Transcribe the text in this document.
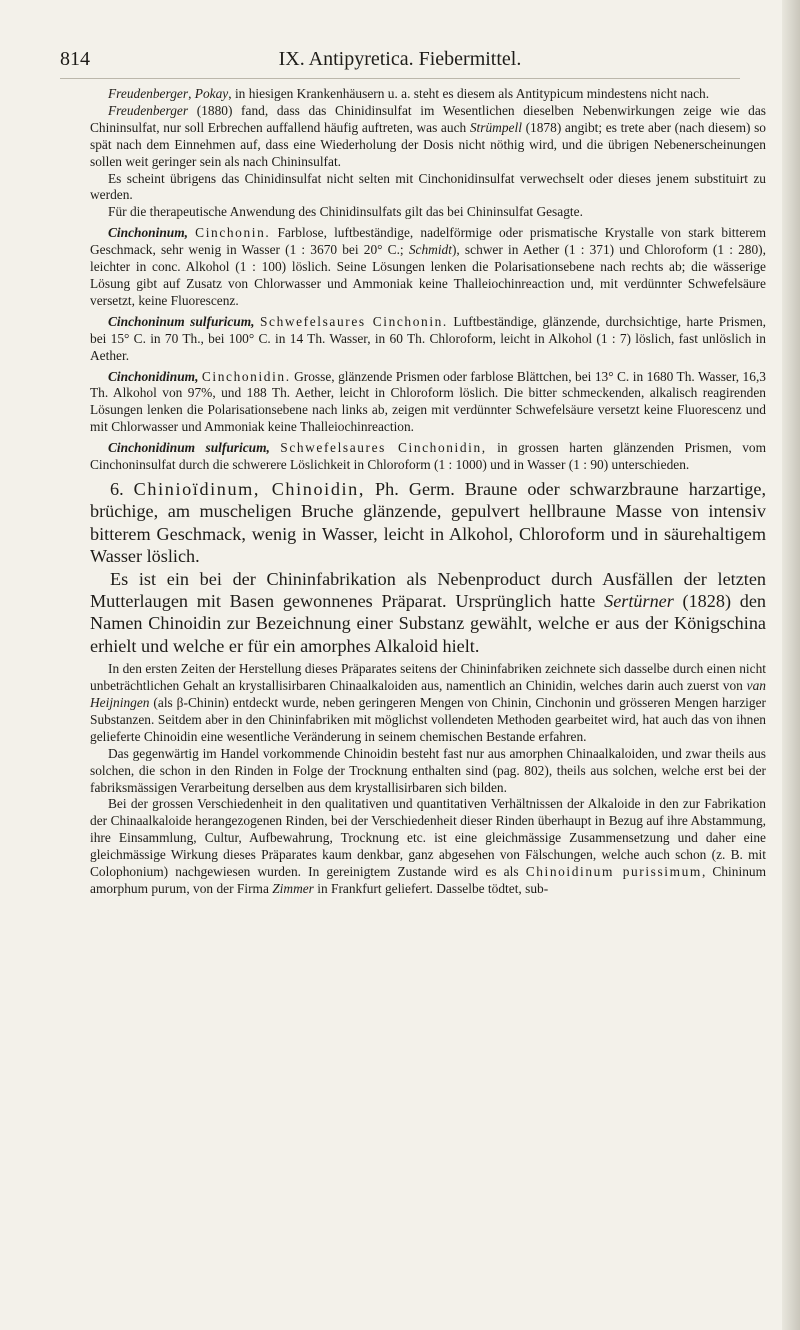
814	IX. Antipyretica. Fiebermittel.

Freudenberger, Pokay, in hiesigen Krankenhäusern u. a. steht es diesem als Antitypicum mindestens nicht nach.

Freudenberger (1880) fand, dass das Chinidinsulfat im Wesentlichen dieselben Nebenwirkungen zeige wie das Chininsulfat, nur soll Erbrechen auffallend häufig auftreten, was auch Strümpell (1878) angibt; es trete aber (nach diesem) so spät nach dem Einnehmen auf, dass eine Wiederholung der Dosis nicht nöthig wird, und die übrigen Nebenerscheinungen sollen weit geringer sein als nach Chininsulfat.

Es scheint übrigens das Chinidinsulfat nicht selten mit Cinchonidinsulfat verwechselt oder dieses jenem substituirt zu werden.

Für die therapeutische Anwendung des Chinidinsulfats gilt das bei Chininsulfat Gesagte.

Cinchoninum, Cinchonin. Farblose, luftbeständige, nadelförmige oder prismatische Krystalle von stark bitterem Geschmack, sehr wenig in Wasser (1 : 3670 bei 20° C.; Schmidt), schwer in Aether (1 : 371) und Chloroform (1 : 280), leichter in conc. Alkohol (1 : 100) löslich. Seine Lösungen lenken die Polarisationsebene nach rechts ab; die wässerige Lösung gibt auf Zusatz von Chlorwasser und Ammoniak keine Thalleiochinreaction und, mit verdünnter Schwefelsäure versetzt, keine Fluorescenz.

Cinchoninum sulfuricum, Schwefelsaures Cinchonin. Luftbeständige, glänzende, durchsichtige, harte Prismen, bei 15° C. in 70 Th., bei 100° C. in 14 Th. Wasser, in 60 Th. Chloroform, leicht in Alkohol (1 : 7) löslich, fast unlöslich in Aether.

Cinchonidinum, Cinchonidin. Grosse, glänzende Prismen oder farblose Blättchen, bei 13° C. in 1680 Th. Wasser, 16,3 Th. Alkohol von 97%, und 188 Th. Aether, leicht in Chloroform löslich. Die bitter schmeckenden, alkalisch reagirenden Lösungen lenken die Polarisationsebene nach links ab, zeigen mit verdünnter Schwefelsäure versetzt keine Fluorescenz und mit Chlorwasser und Ammoniak keine Thalleiochinreaction.

Cinchonidinum sulfuricum, Schwefelsaures Cinchonidin, in grossen harten glänzenden Prismen, vom Cinchoninsulfat durch die schwerere Löslichkeit in Chloroform (1 : 1000) und in Wasser (1 : 90) unterschieden.

6. Chinioïdinum, Chinoidin, Ph. Germ. Braune oder schwarzbraune harzartige, brüchige, am muscheligen Bruche glänzende, gepulvert hellbraune Masse von intensiv bitterem Geschmack, wenig in Wasser, leicht in Alkohol, Chloroform und in säurehaltigem Wasser löslich.

Es ist ein bei der Chininfabrikation als Nebenproduct durch Ausfällen der letzten Mutterlaugen mit Basen gewonnenes Präparat. Ursprünglich hatte Sertürner (1828) den Namen Chinoidin zur Bezeichnung einer Substanz gewählt, welche er aus der Königschina erhielt und welche er für ein amorphes Alkaloid hielt.

In den ersten Zeiten der Herstellung dieses Präparates seitens der Chininfabriken zeichnete sich dasselbe durch einen nicht unbeträchtlichen Gehalt an krystallisirbaren Chinaalkaloiden aus, namentlich an Chinidin, welches darin auch zuerst von van Heijningen (als β-Chinin) entdeckt wurde, neben geringeren Mengen von Chinin, Cinchonin und grösseren Mengen harziger Substanzen. Seitdem aber in den Chininfabriken mit möglichst vollendeten Methoden gearbeitet wird, hat auch das von ihnen gelieferte Chinoidin eine wesentliche Veränderung in seinem chemischen Bestande erfahren.

Das gegenwärtig im Handel vorkommende Chinoidin besteht fast nur aus amorphen Chinaalkaloiden, und zwar theils aus solchen, die schon in den Rinden in Folge der Trocknung enthalten sind (pag. 802), theils aus solchen, welche erst bei der fabriksmässigen Verarbeitung derselben aus dem krystallisirbaren sich bilden.

Bei der grossen Verschiedenheit in den qualitativen und quantitativen Verhältnissen der Alkaloide in den zur Fabrikation der Chinaalkaloide herangezogenen Rinden, bei der Verschiedenheit dieser Rinden überhaupt in Bezug auf ihre Abstammung, ihre Einsammlung, Cultur, Aufbewahrung, Trocknung etc. ist eine gleichmässige Zusammensetzung und daher eine gleichmässige Wirkung dieses Präparates kaum denkbar, ganz abgesehen von Fälschungen, welche auch schon (z. B. mit Colophonium) nachgewiesen wurden. In gereinigtem Zustande wird es als Chinoidinum purissimum, Chininum amorphum purum, von der Firma Zimmer in Frankfurt geliefert. Dasselbe tödtet, sub-
